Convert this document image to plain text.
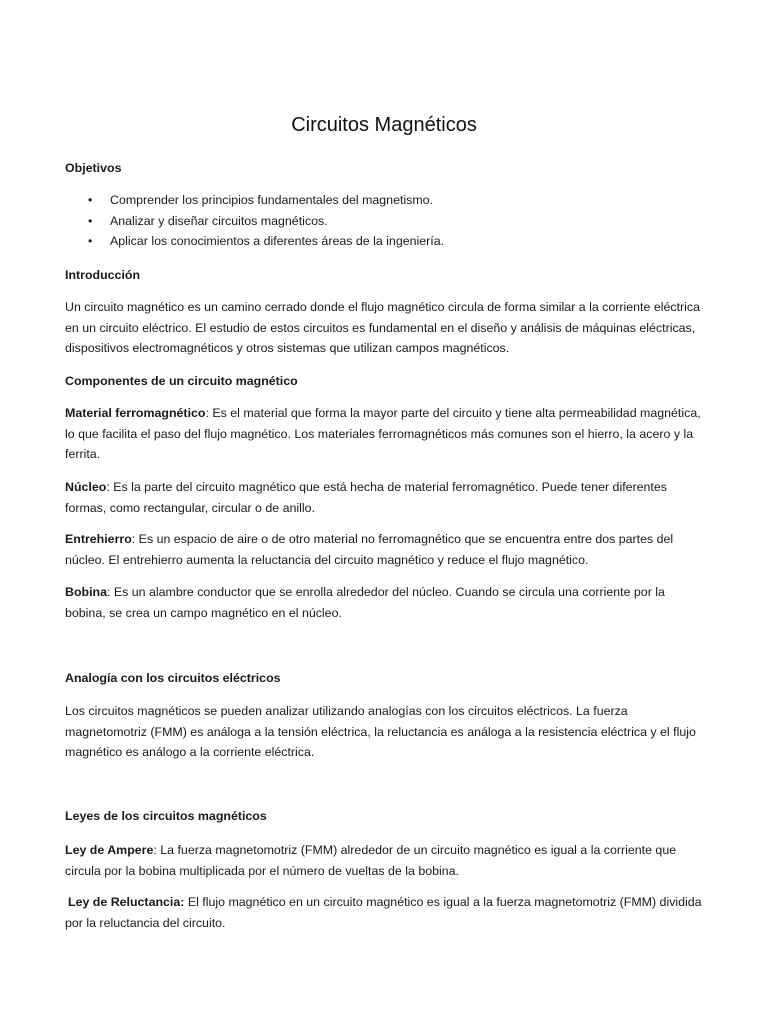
Circuitos Magnéticos

Objetivos

• Comprender los principios fundamentales del magnetismo.
• Analizar y diseñar circuitos magnéticos.
• Aplicar los conocimientos a diferentes áreas de la ingeniería.

Introducción

Un circuito magnético es un camino cerrado donde el flujo magnético circula de forma similar a la corriente eléctrica en un circuito eléctrico. El estudio de estos circuitos es fundamental en el diseño y análisis de máquinas eléctricas, dispositivos electromagnéticos y otros sistemas que utilizan campos magnéticos.

Componentes de un circuito magnético

Material ferromagnético: Es el material que forma la mayor parte del circuito y tiene alta permeabilidad magnética, lo que facilita el paso del flujo magnético. Los materiales ferromagnéticos más comunes son el hierro, la acero y la ferrita.

Núcleo: Es la parte del circuito magnético que está hecha de material ferromagnético. Puede tener diferentes formas, como rectangular, circular o de anillo.

Entrehierro: Es un espacio de aire o de otro material no ferromagnético que se encuentra entre dos partes del núcleo. El entrehierro aumenta la reluctancia del circuito magnético y reduce el flujo magnético.

Bobina: Es un alambre conductor que se enrolla alrededor del núcleo. Cuando se circula una corriente por la bobina, se crea un campo magnético en el núcleo.

Analogía con los circuitos eléctricos

Los circuitos magnéticos se pueden analizar utilizando analogías con los circuitos eléctricos. La fuerza magnetomotriz (FMM) es análoga a la tensión eléctrica, la reluctancia es análoga a la resistencia eléctrica y el flujo magnético es análogo a la corriente eléctrica.

Leyes de los circuitos magnéticos

Ley de Ampere: La fuerza magnetomotriz (FMM) alrededor de un circuito magnético es igual a la corriente que circula por la bobina multiplicada por el número de vueltas de la bobina.

Ley de Reluctancia: El flujo magnético en un circuito magnético es igual a la fuerza magnetomotriz (FMM) dividida por la reluctancia del circuito.
